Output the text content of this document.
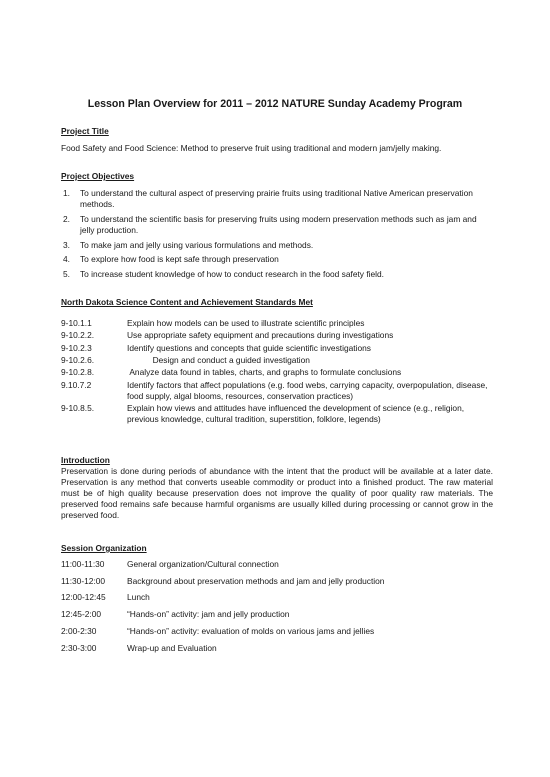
Lesson Plan Overview for 2011 – 2012 NATURE Sunday Academy Program

Project Title

Food Safety and Food Science: Method to preserve fruit using traditional and modern jam/jelly making.

Project Objectives

1. To understand the cultural aspect of preserving prairie fruits using traditional Native American preservation methods.
2. To understand the scientific basis for preserving fruits using modern preservation methods such as jam and jelly production.
3. To make jam and jelly using various formulations and methods.
4. To explore how food is kept safe through preservation
5. To increase student knowledge of how to conduct research in the food safety field.

North Dakota Science Content and Achievement Standards Met

9-10.1.1	Explain how models can be used to illustrate scientific principles
9-10.2.2.	Use appropriate safety equipment and precautions during investigations
9-10.2.3	Identify questions and concepts that guide scientific investigations
9-10.2.6.	Design and conduct a guided investigation
9-10.2.8.	Analyze data found in tables, charts, and graphs to formulate conclusions
9.10.7.2	Identify factors that affect populations (e.g. food webs, carrying capacity, overpopulation, disease, food supply, algal blooms, resources, conservation practices)
9-10.8.5.	Explain how views and attitudes have influenced the development of science (e.g., religion, previous knowledge, cultural tradition, superstition, folklore, legends)

Introduction

Preservation is done during periods of abundance with the intent that the product will be available at a later date. Preservation is any method that converts useable commodity or product into a finished product. The raw material must be of high quality because preservation does not improve the quality of poor quality raw materials. The preserved food remains safe because harmful organisms are usually killed during processing or cannot grow in the preserved food.

Session Organization

11:00-11:30	General organization/Cultural connection
11:30-12:00	Background about preservation methods and jam and jelly production
12:00-12:45	Lunch
12:45-2:00	“Hands-on” activity: jam and jelly production
2:00-2:30	“Hands-on” activity: evaluation of molds on various jams and jellies
2:30-3:00	Wrap-up and Evaluation
